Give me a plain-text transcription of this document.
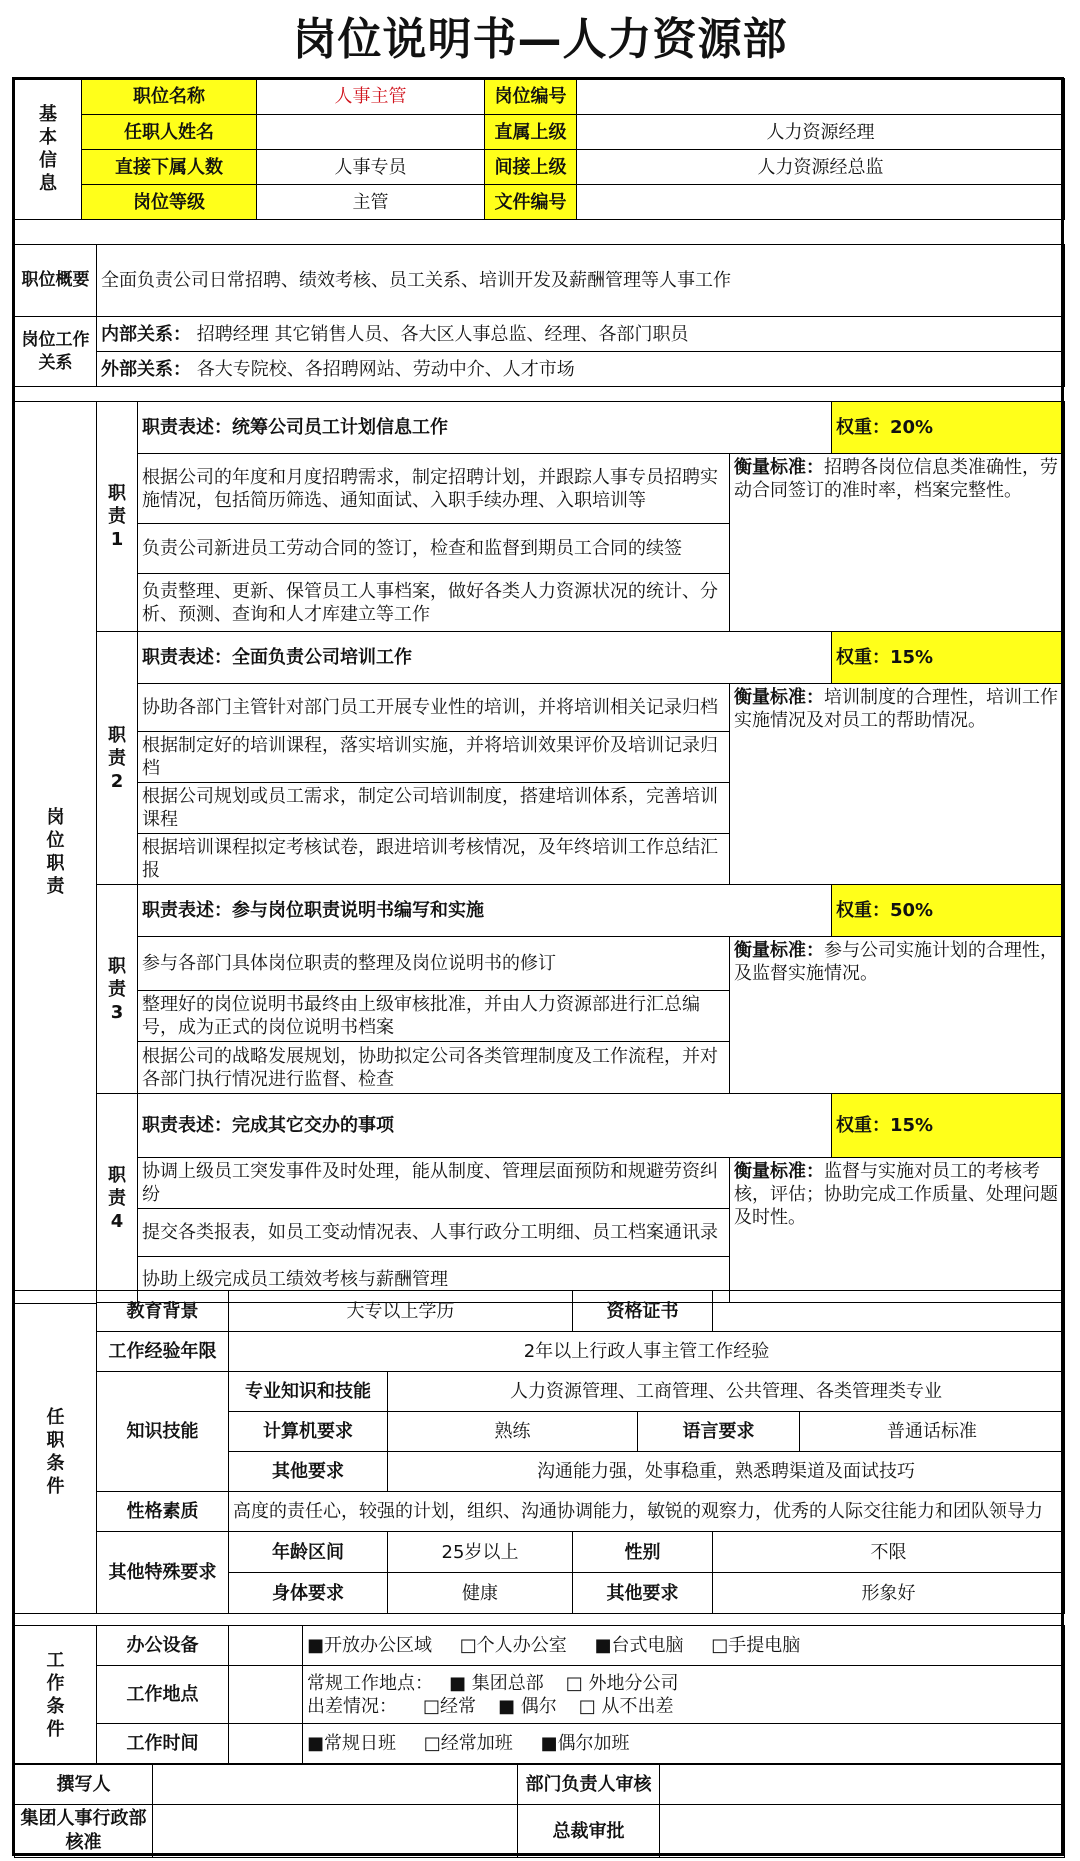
岗位说明书—人力资源部
基本信息	职位名称	人事主管	岗位编号	
	任职人姓名		直属上级	人力资源经理
	直接下属人数	人事专员	间接上级	人力资源经总监
	岗位等级	主管	文件编号	
职位概要	全面负责公司日常招聘、绩效考核、员工关系、培训开发及薪酬管理等人事工作
岗位工作关系	内部关系： 招聘经理 其它销售人员、各大区人事总监、经理、各部门职员
	外部关系： 各大专院校、各招聘网站、劳动中介、人才市场
岗位职责	职责1	职责表述：统筹公司员工计划信息工作		权重：20%
		根据公司的年度和月度招聘需求，制定招聘计划，并跟踪人事专员招聘实施情况，包括简历筛选、通知面试、入职手续办理、入职培训等	衡量标准：招聘各岗位信息类准确性，劳动合同签订的准时率，档案完整性。	
		负责公司新进员工劳动合同的签订，检查和监督到期员工合同的续签		
		负责整理、更新、保管员工人事档案，做好各类人力资源状况的统计、分析、预测、查询和人才库建立等工作		
	职责2	职责表述：全面负责公司培训工作		权重：15%
		协助各部门主管针对部门员工开展专业性的培训，并将培训相关记录归档	衡量标准：培训制度的合理性，培训工作实施情况及对员工的帮助情况。	
		根据制定好的培训课程，落实培训实施，并将培训效果评价及培训记录归档		
		根据公司规划或员工需求，制定公司培训制度，搭建培训体系，完善培训课程		
		根据培训课程拟定考核试卷，跟进培训考核情况，及年终培训工作总结汇报		
	职责3	职责表述：参与岗位职责说明书编写和实施		权重：50%
		参与各部门具体岗位职责的整理及岗位说明书的修订	衡量标准：参与公司实施计划的合理性，及监督实施情况。	
		整理好的岗位说明书最终由上级审核批准，并由人力资源部进行汇总编号，成为正式的岗位说明书档案		
		根据公司的战略发展规划，协助拟定公司各类管理制度及工作流程，并对各部门执行情况进行监督、检查		
	职责4	职责表述：完成其它交办的事项		权重：15%
		协调上级员工突发事件及时处理，能从制度、管理层面预防和规避劳资纠纷	衡量标准：监督与实施对员工的考核考核，评估；协助完成工作质量、处理问题及时性。	
		提交各类报表，如员工变动情况表、人事行政分工明细、员工档案通讯录		
		协助上级完成员工绩效考核与薪酬管理		

任职条件	教育背景	大专以上学历		资格证书			
	工作经验年限	2年以上行政人事主管工作经验					
	知识技能	专业知识和技能	人力资源管理、工商管理、公共管理、各类管理类专业				
		计算机要求	熟练		语言要求		普通话标准
		其他要求	沟通能力强，处事稳重，熟悉聘渠道及面试技巧				
	性格素质	高度的责任心，较强的计划，组织、沟通协调能力，敏锐的观察力，优秀的人际交往能力和团队领导力					
	其他特殊要求	年龄区间	25岁以上	性别		不限	
		身体要求	健康	其他要求		形象好	
工作条件	办公设备		■开放办公区域 □个人办公室 ■台式电脑 □手提电脑
	工作地点		常规工作地点： ■ 集团总部 □ 外地分公司
出差情况： □经常 ■ 偶尔 □ 从不出差

	工作时间		■常规日班 □经常加班 ■偶尔加班
撰写人		部门负责人审核	
集团人事行政部核准		总裁审批	
